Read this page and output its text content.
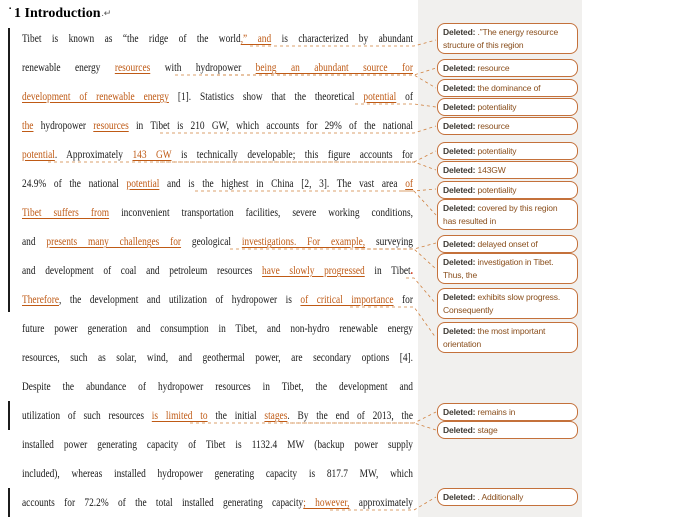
▪ 1 Introduction.↵
Tibet is known as “the ridge of the world,” and is characterized by abundant
renewable energy resources with hydropower being an abundant source for
development of renewable energy [1]. Statistics show that the theoretical potential of
the hydropower resources in Tibet is 210 GW, which accounts for 29% of the national
potential. Approximately 143 GW is technically developable; this figure accounts for
24.9% of the national potential and is the highest in China [2, 3]. The vast area of
Tibet suffers from inconvenient transportation facilities, severe working conditions,
and presents many challenges for geological investigations. For example, surveying
and development of coal and petroleum resources have slowly progressed in Tibet.
Therefore, the development and utilization of hydropower is of critical importance for
future power generation and consumption in Tibet, and non-hydro renewable energy
resources, such as solar, wind, and geothermal power, are secondary options [4].
Despite the abundance of hydropower resources in Tibet, the development and
utilization of such resources is limited to the initial stages. By the end of 2013, the
installed power generating capacity of Tibet is 1132.4 MW (backup power supply
included), whereas installed hydropower generating capacity is 817.7 MW, which
accounts for 72.2% of the total installed generating capacity; however, approximately
Deleted: .”The energy resource structure of this region
Deleted: resource
Deleted: the dominance of
Deleted: potentiality
Deleted: resource
Deleted: potentiality
Deleted: 143GW
Deleted: potentiality
Deleted: covered by this region has resulted in
Deleted: delayed onset of
Deleted: investigation in Tibet. Thus, the
Deleted: exhibits slow progress. Consequently
Deleted: the most important orientation
Deleted: remains in
Deleted: stage
Deleted: . Additionally
